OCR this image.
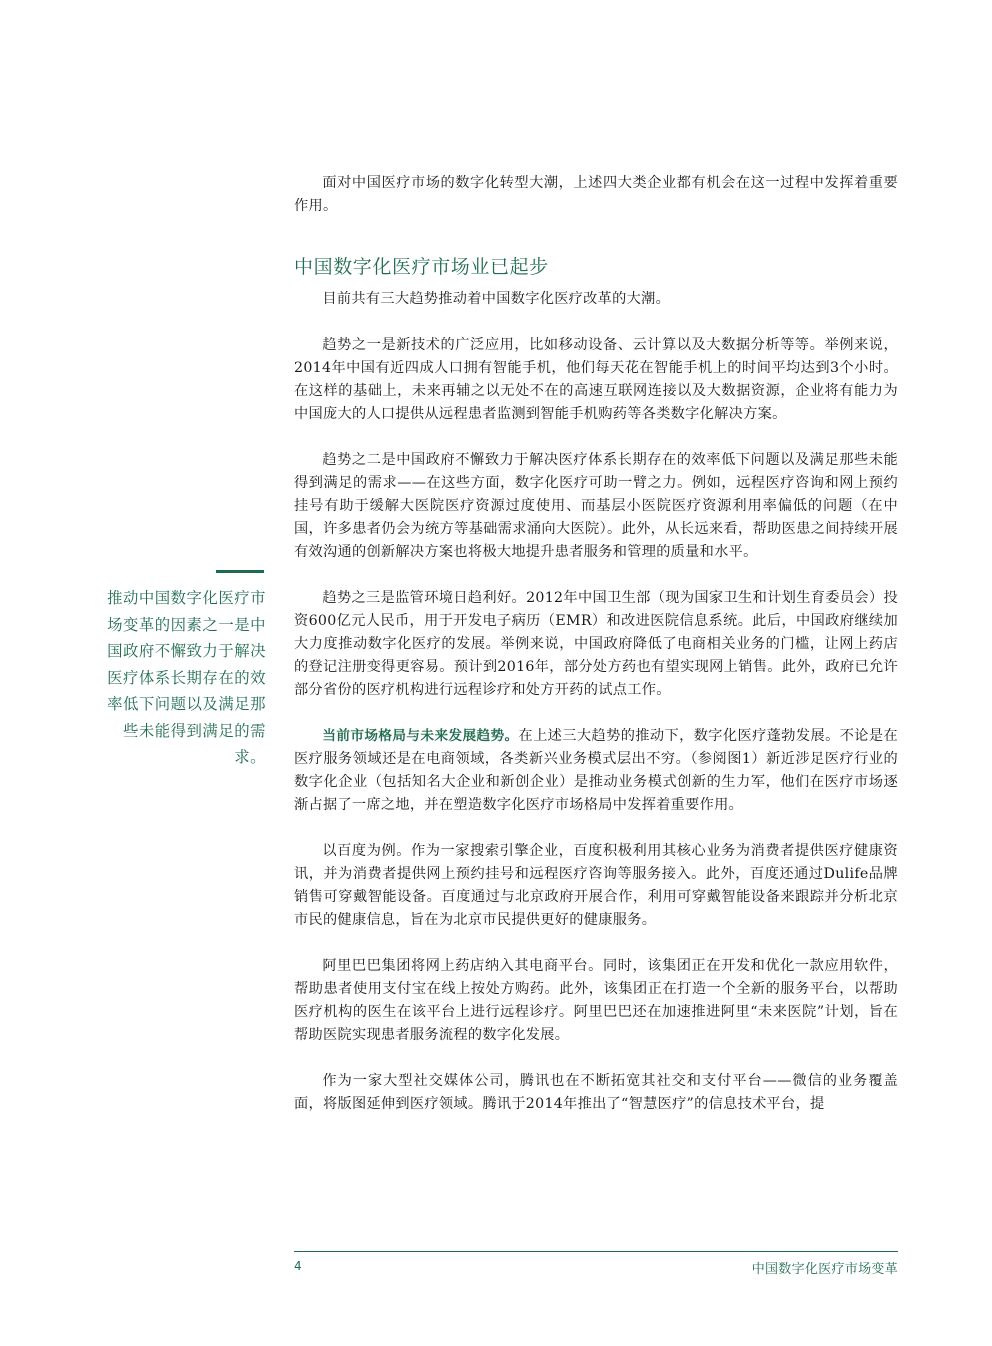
面对中国医疗市场的数字化转型大潮，上述四大类企业都有机会在这一过程中发挥着重要作用。

中国数字化医疗市场业已起步

目前共有三大趋势推动着中国数字化医疗改革的大潮。

趋势之一是新技术的广泛应用，比如移动设备、云计算以及大数据分析等等。举例来说，2014年中国有近四成人口拥有智能手机，他们每天花在智能手机上的时间平均达到3个小时。在这样的基础上，未来再辅之以无处不在的高速互联网连接以及大数据资源，企业将有能力为中国庞大的人口提供从远程患者监测到智能手机购药等各类数字化解决方案。

趋势之二是中国政府不懈致力于解决医疗体系长期存在的效率低下问题以及满足那些未能得到满足的需求——在这些方面，数字化医疗可助一臂之力。例如，远程医疗咨询和网上预约挂号有助于缓解大医院医疗资源过度使用、而基层小医院医疗资源利用率偏低的问题（在中国，许多患者仍会为统方等基础需求涌向大医院）。此外，从长远来看，帮助医患之间持续开展有效沟通的创新解决方案也将极大地提升患者服务和管理的质量和水平。

趋势之三是监管环境日趋利好。2012年中国卫生部（现为国家卫生和计划生育委员会）投资600亿元人民币，用于开发电子病历（EMR）和改进医院信息系统。此后，中国政府继续加大力度推动数字化医疗的发展。举例来说，中国政府降低了电商相关业务的门槛，让网上药店的登记注册变得更容易。预计到2016年，部分处方药也有望实现网上销售。此外，政府已允许部分省份的医疗机构进行远程诊疗和处方开药的试点工作。

当前市场格局与未来发展趋势。在上述三大趋势的推动下，数字化医疗蓬勃发展。不论是在医疗服务领域还是在电商领域，各类新兴业务模式层出不穷。（参阅图1）新近涉足医疗行业的数字化企业（包括知名大企业和新创企业）是推动业务模式创新的生力军，他们在医疗市场逐渐占据了一席之地，并在塑造数字化医疗市场格局中发挥着重要作用。

以百度为例。作为一家搜索引擎企业，百度积极利用其核心业务为消费者提供医疗健康资讯，并为消费者提供网上预约挂号和远程医疗咨询等服务接入。此外，百度还通过Dulife品牌销售可穿戴智能设备。百度通过与北京政府开展合作，利用可穿戴智能设备来跟踪并分析北京市民的健康信息，旨在为北京市民提供更好的健康服务。

阿里巴巴集团将网上药店纳入其电商平台。同时，该集团正在开发和优化一款应用软件，帮助患者使用支付宝在线上按处方购药。此外，该集团正在打造一个全新的服务平台，以帮助医疗机构的医生在该平台上进行远程诊疗。阿里巴巴还在加速推进阿里“未来医院”计划，旨在帮助医院实现患者服务流程的数字化发展。

作为一家大型社交媒体公司，腾讯也在不断拓宽其社交和支付平台——微信的业务覆盖面，将版图延伸到医疗领域。腾讯于2014年推出了“智慧医疗”的信息技术平台，提

推动中国数字化医疗市场变革的因素之一是中国政府不懈致力于解决医疗体系长期存在的效率低下问题以及满足那些未能得到满足的需求。

4	中国数字化医疗市场变革
